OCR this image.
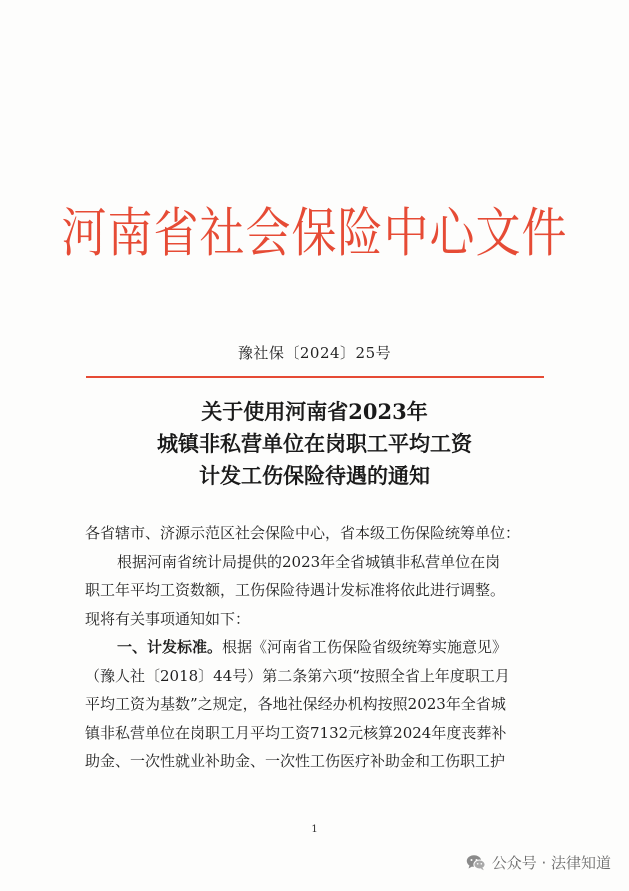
河南省社会保险中心文件
豫社保〔2024〕25号
关于使用河南省2023年
城镇非私营单位在岗职工平均工资
计发工伤保险待遇的通知

各省辖市、济源示范区社会保险中心，省本级工伤保险统筹单位：

根据河南省统计局提供的2023年全省城镇非私营单位在岗

职工年平均工资数额，工伤保险待遇计发标准将依此进行调整。

现将有关事项通知如下：

一、计发标准。根据《河南省工伤保险省级统筹实施意见》

（豫人社〔2018〕44号）第二条第六项“按照全省上年度职工月

平均工资为基数”之规定，各地社保经办机构按照2023年全省城

镇非私营单位在岗职工月平均工资7132元核算2024年度丧葬补

助金、一次性就业补助金、一次性工伤医疗补助金和工伤职工护

1
公众号 · 法律知道
